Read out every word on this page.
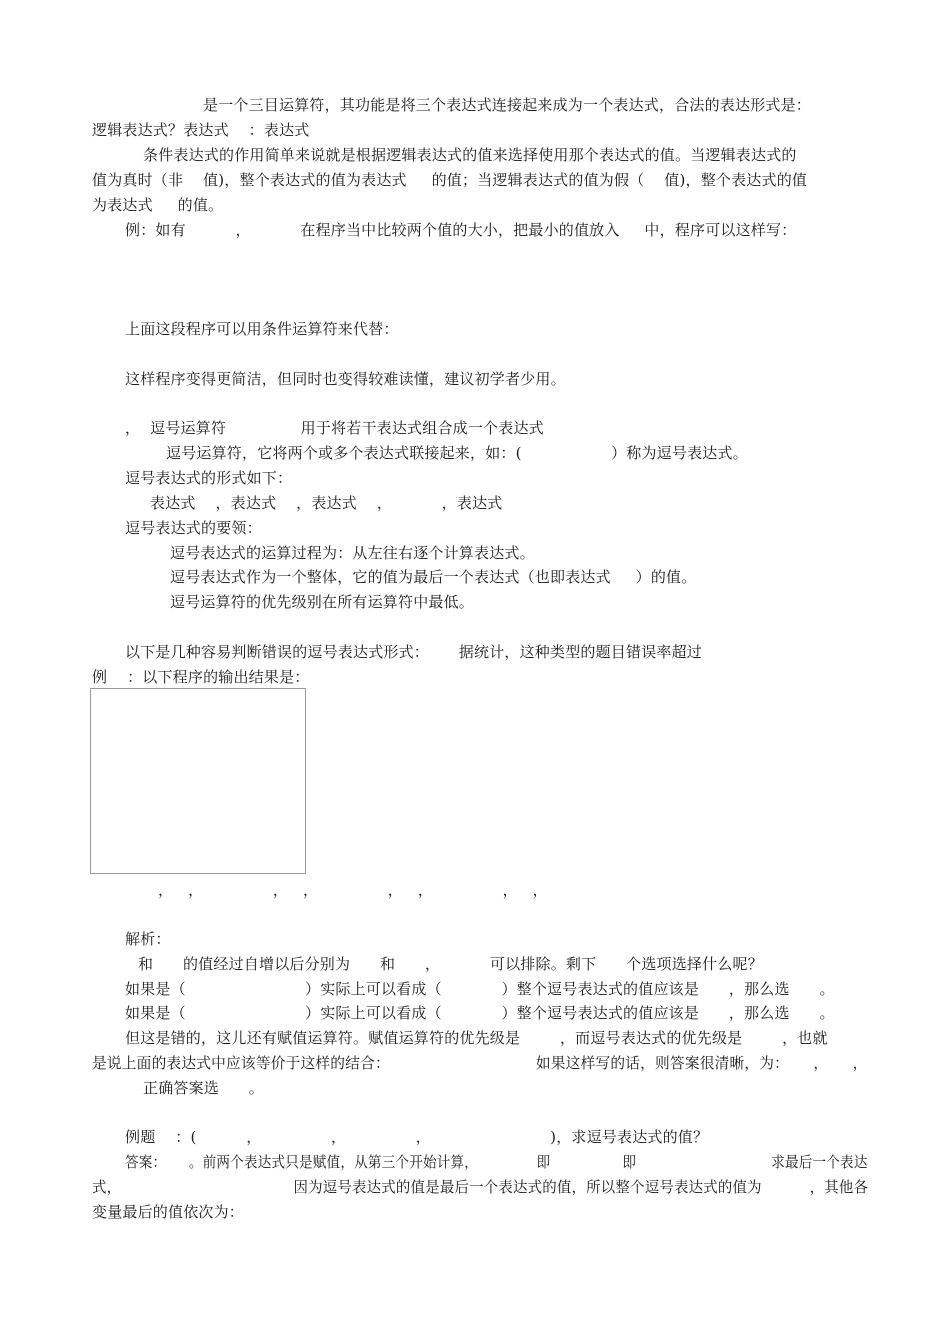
是一个三目运算符，其功能是将三个表达式连接起来成为一个表达式，合法的表达形式是：
逻辑表达式？表达式    ：表达式
条件表达式的作用简单来说就是根据逻辑表达式的值来选择使用那个表达式的值。当逻辑表达式的
值为真时（非    值)，整个表达式的值为表达式     的值；当逻辑表达式的值为假（    值)，整个表达式的值
为表达式     的值。
例：如有          ，          在程序当中比较两个值的大小，把最小的值放入     中，程序可以这样写：
上面这段程序可以用条件运算符来代替：
这样程序变得更简洁，但同时也变得较难读懂，建议初学者少用。
，  逗号运算符               用于将若干表达式组合成一个表达式
逗号运算符，它将两个或多个表达式联接起来，如：(                  ）称为逗号表达式。
逗号表达式的形式如下：
表达式    ，表达式    ，表达式    ，          ，表达式
逗号表达式的要领：
逗号表达式的运算过程为：从左往右逐个计算表达式。
逗号表达式作为一个整体，它的值为最后一个表达式（也即表达式     ）的值。
逗号运算符的优先级别在所有运算符中最低。
以下是几种容易判断错误的逗号表达式形式：      据统计，这种类型的题目错误率超过
例    ：以下程序的输出结果是：
，   ，              ，   ，              ，   ，              ，   ，
解析：
和      的值经过自增以后分别为      和      ，          可以排除。剩下      个选项选择什么呢？
如果是（                        ）实际上可以看成（            ）整个逗号表达式的值应该是      ，那么选      。
如果是（                        ）实际上可以看成（            ）整个逗号表达式的值应该是      ，那么选      。
但这是错的，这儿还有赋值运算符。赋值运算符的优先级是        ，而逗号表达式的优先级是        ，也就
是说上面的表达式中应该等价于这样的结合：                              如果这样写的话，则答案很清晰，为：     ，     ，
正确答案选      。
例题    ：(          ，              ，              ，                        )，求逗号表达式的值？
答案：     。前两个表达式只是赋值，从第三个开始计算，             即                即                              求最后一个表达
式，                                    因为逗号表达式的值是最后一个表达式的值，所以整个逗号表达式的值为          ，其他各
变量最后的值依次为：
